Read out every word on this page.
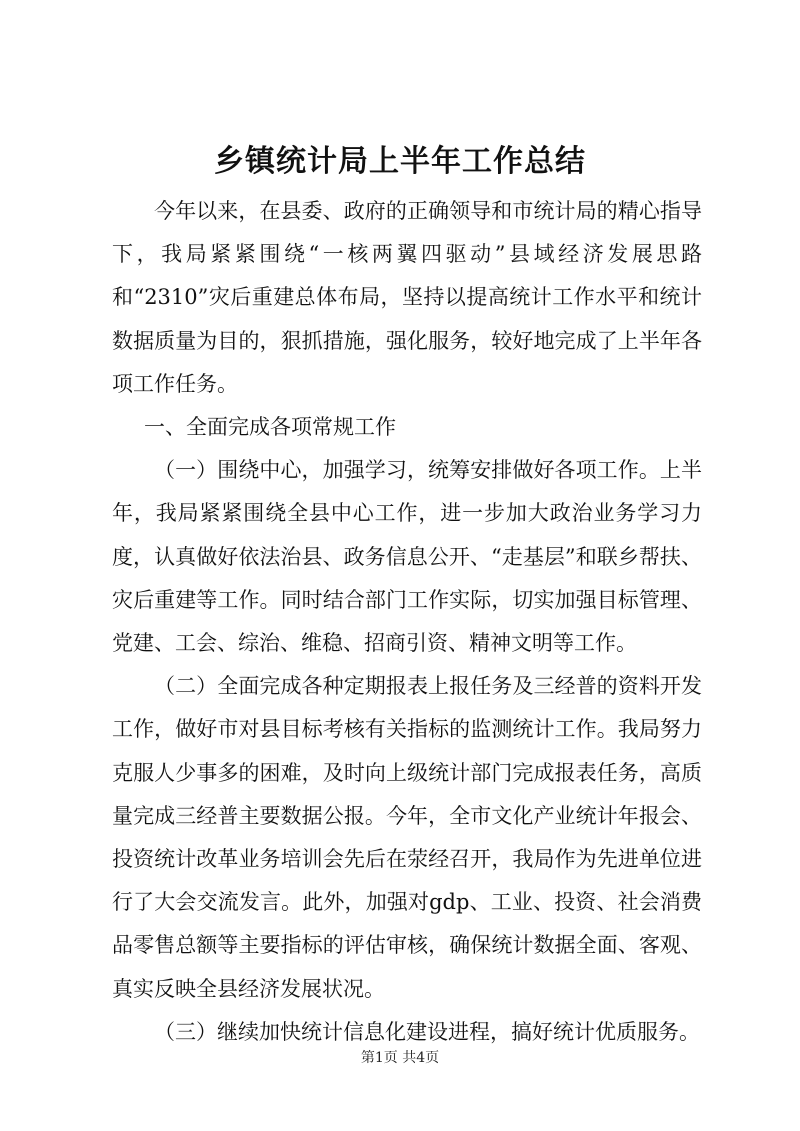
乡镇统计局上半年工作总结

今年以来，在县委、政府的正确领导和市统计局的精心指导下，我局紧紧围绕“一核两翼四驱动”县域经济发展思路和“2310”灾后重建总体布局，坚持以提高统计工作水平和统计数据质量为目的，狠抓措施，强化服务，较好地完成了上半年各项工作任务。

一、全面完成各项常规工作

（一）围绕中心，加强学习，统筹安排做好各项工作。上半年，我局紧紧围绕全县中心工作，进一步加大政治业务学习力度，认真做好依法治县、政务信息公开、“走基层”和联乡帮扶、灾后重建等工作。同时结合部门工作实际，切实加强目标管理、党建、工会、综治、维稳、招商引资、精神文明等工作。

（二）全面完成各种定期报表上报任务及三经普的资料开发工作，做好市对县目标考核有关指标的监测统计工作。我局努力克服人少事多的困难，及时向上级统计部门完成报表任务，高质量完成三经普主要数据公报。今年，全市文化产业统计年报会、投资统计改革业务培训会先后在荥经召开，我局作为先进单位进行了大会交流发言。此外，加强对gdp、工业、投资、社会消费品零售总额等主要指标的评估审核，确保统计数据全面、客观、真实反映全县经济发展状况。

（三）继续加快统计信息化建设进程，搞好统计优质服务。

第1页 共4页
